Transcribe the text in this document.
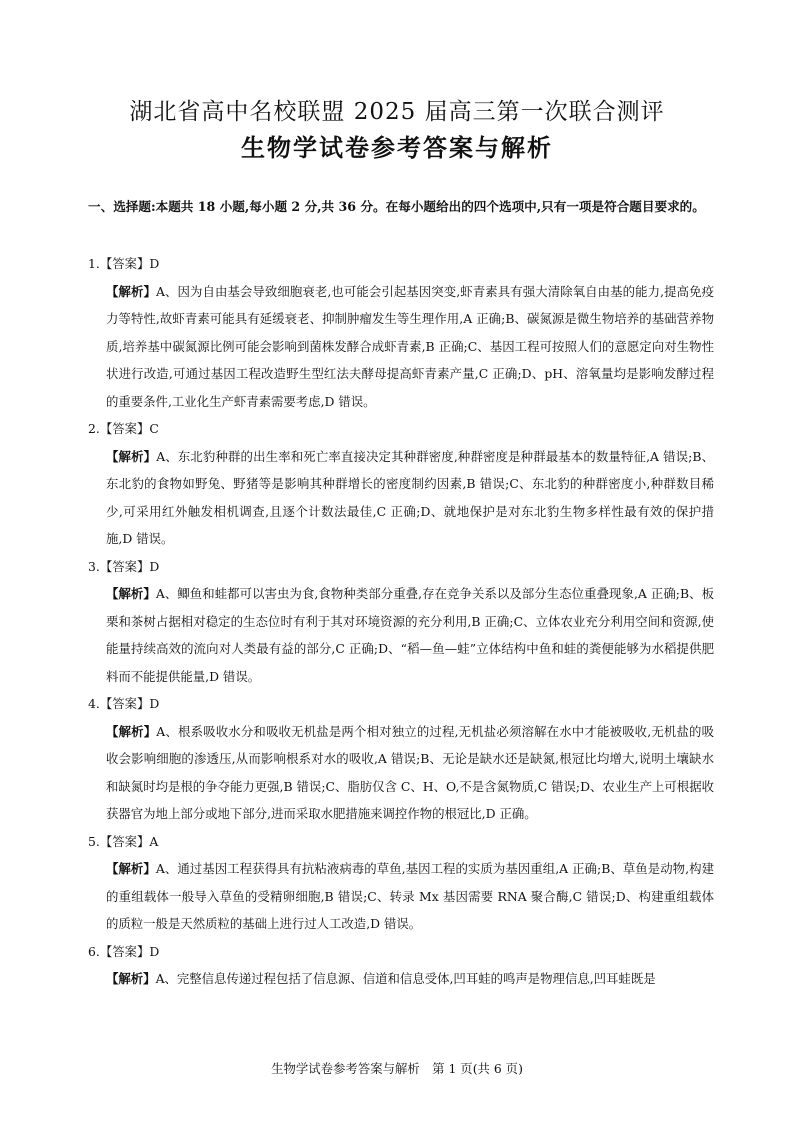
湖北省高中名校联盟 2025 届高三第一次联合测评
生物学试卷参考答案与解析
一、选择题:本题共 18 小题,每小题 2 分,共 36 分。在每小题给出的四个选项中,只有一项是符合题目要求的。
1.【答案】D
【解析】A、因为自由基会导致细胞衰老,也可能会引起基因突变,虾青素具有强大清除氧自由基的能力,提高免疫力等特性,故虾青素可能具有延缓衰老、抑制肿瘤发生等生理作用,A 正确;B、碳氮源是微生物培养的基础营养物质,培养基中碳氮源比例可能会影响到菌株发酵合成虾青素,B 正确;C、基因工程可按照人们的意愿定向对生物性状进行改造,可通过基因工程改造野生型红法夫酵母提高虾青素产量,C 正确;D、pH、溶氧量均是影响发酵过程的重要条件,工业化生产虾青素需要考虑,D 错误。
2.【答案】C
【解析】A、东北豹种群的出生率和死亡率直接决定其种群密度,种群密度是种群最基本的数量特征,A 错误;B、东北豹的食物如野兔、野猪等是影响其种群增长的密度制约因素,B 错误;C、东北豹的种群密度小,种群数目稀少,可采用红外触发相机调查,且逐个计数法最佳,C 正确;D、就地保护是对东北豹生物多样性最有效的保护措施,D 错误。
3.【答案】D
【解析】A、鲫鱼和蛙都可以害虫为食,食物种类部分重叠,存在竞争关系以及部分生态位重叠现象,A 正确;B、板栗和茶树占据相对稳定的生态位时有利于其对环境资源的充分利用,B 正确;C、立体农业充分利用空间和资源,使能量持续高效的流向对人类最有益的部分,C 正确;D、“稻—鱼—蛙”立体结构中鱼和蛙的粪便能够为水稻提供肥料而不能提供能量,D 错误。
4.【答案】D
【解析】A、根系吸收水分和吸收无机盐是两个相对独立的过程,无机盐必须溶解在水中才能被吸收,无机盐的吸收会影响细胞的渗透压,从而影响根系对水的吸收,A 错误;B、无论是缺水还是缺氮,根冠比均增大,说明土壤缺水和缺氮时均是根的争夺能力更强,B 错误;C、脂肪仅含 C、H、O,不是含氮物质,C 错误;D、农业生产上可根据收获器官为地上部分或地下部分,进而采取水肥措施来调控作物的根冠比,D 正确。
5.【答案】A
【解析】A、通过基因工程获得具有抗粘液病毒的草鱼,基因工程的实质为基因重组,A 正确;B、草鱼是动物,构建的重组载体一般导入草鱼的受精卵细胞,B 错误;C、转录 Mx 基因需要 RNA 聚合酶,C 错误;D、构建重组载体的质粒一般是天然质粒的基础上进行过人工改造,D 错误。
6.【答案】D
【解析】A、完整信息传递过程包括了信息源、信道和信息受体,凹耳蛙的鸣声是物理信息,凹耳蛙既是
生物学试卷参考答案与解析　第 1 页(共 6 页)
